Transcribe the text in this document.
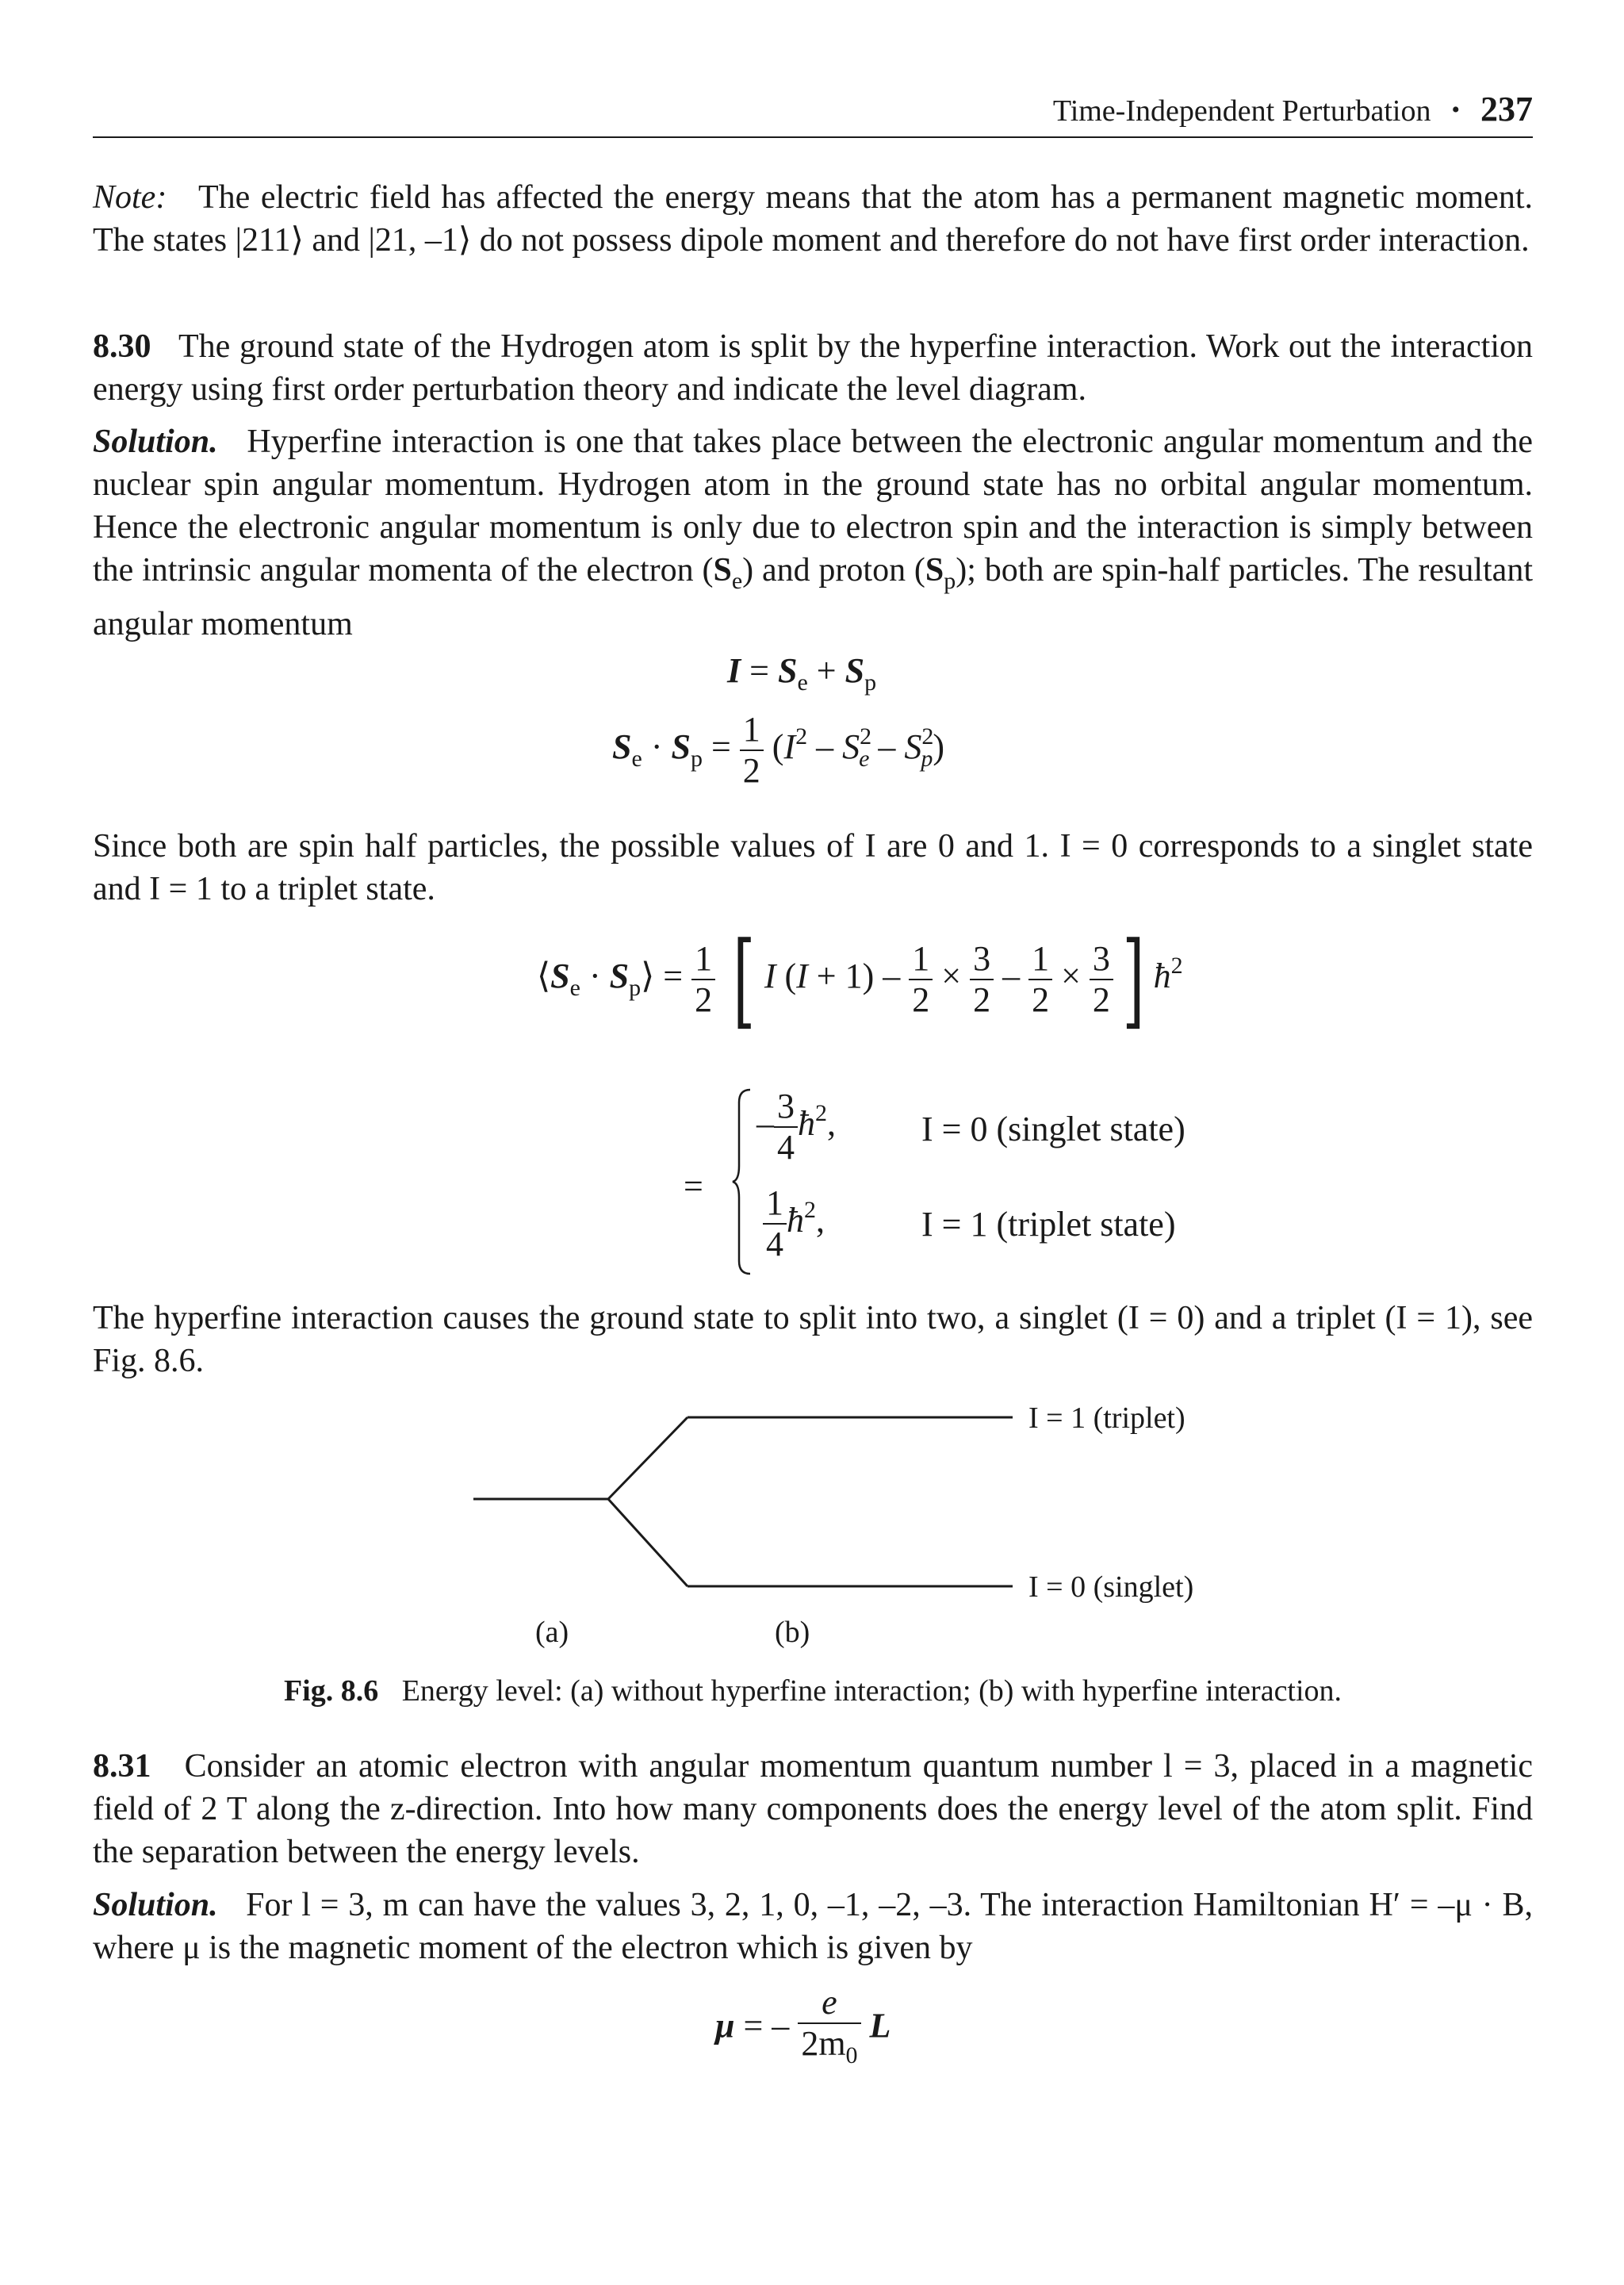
Time-Independent Perturbation • 237

Note: The electric field has affected the energy means that the atom has a permanent magnetic moment. The states |211⟩ and |21, –1⟩ do not possess dipole moment and therefore do not have first order interaction.

8.30 The ground state of the Hydrogen atom is split by the hyperfine interaction. Work out the interaction energy using first order perturbation theory and indicate the level diagram.

Solution. Hyperfine interaction is one that takes place between the electronic angular momentum and the nuclear spin angular momentum. Hydrogen atom in the ground state has no orbital angular momentum. Hence the electronic angular momentum is only due to electron spin and the interaction is simply between the intrinsic angular momenta of the electron $(S_e)$ and proton $(S_p)$; both are spin-half particles. The resultant angular momentum

$I = S_e + S_p$
$S_e \cdot S_p = \frac{1}{2} (I^2 - S^2_e - S^2_p)$

Since both are spin half particles, the possible values of I are 0 and 1. I = 0 corresponds to a singlet state and I = 1 to a triplet state.

$⟨S_e$ · $S_p⟩ = \frac{1}{2}$ [ I $(I + 1) - \frac{1}{2} \times \frac{3}{2} - \frac{1}{2} \times \frac{3}{2}$ ] $ħ^2$
=
– $\frac{3}{4}$ $ħ^2$, I = 0 (singlet state)
$\frac{1}{4}$ $ħ^2$,	I = 1 (triplet state)

The hyperfine interaction causes the ground state to split into two, a singlet (I = 0) and a triplet (I = 1), see Fig. 8.6.

I = 1 (triplet)
I = 0 (singlet)
(a)	(b)
Fig. 8.6 Energy level: (a) without hyperfine interaction; (b) with hyperfine interaction.

8.31 Consider an atomic electron with angular momentum quantum number l = 3, placed in a magnetic field of 2 T along the z-direction. Into how many components does the energy level of the atom split. Find the separation between the energy levels.

Solution. For l = 3, m can have the values 3, 2, 1, 0, –1, –2, –3. The interaction Hamiltonian H′ = –μ · B, where μ is the magnetic moment of the electron which is given by

μ = – $\frac{e}{2m_0}$ L
